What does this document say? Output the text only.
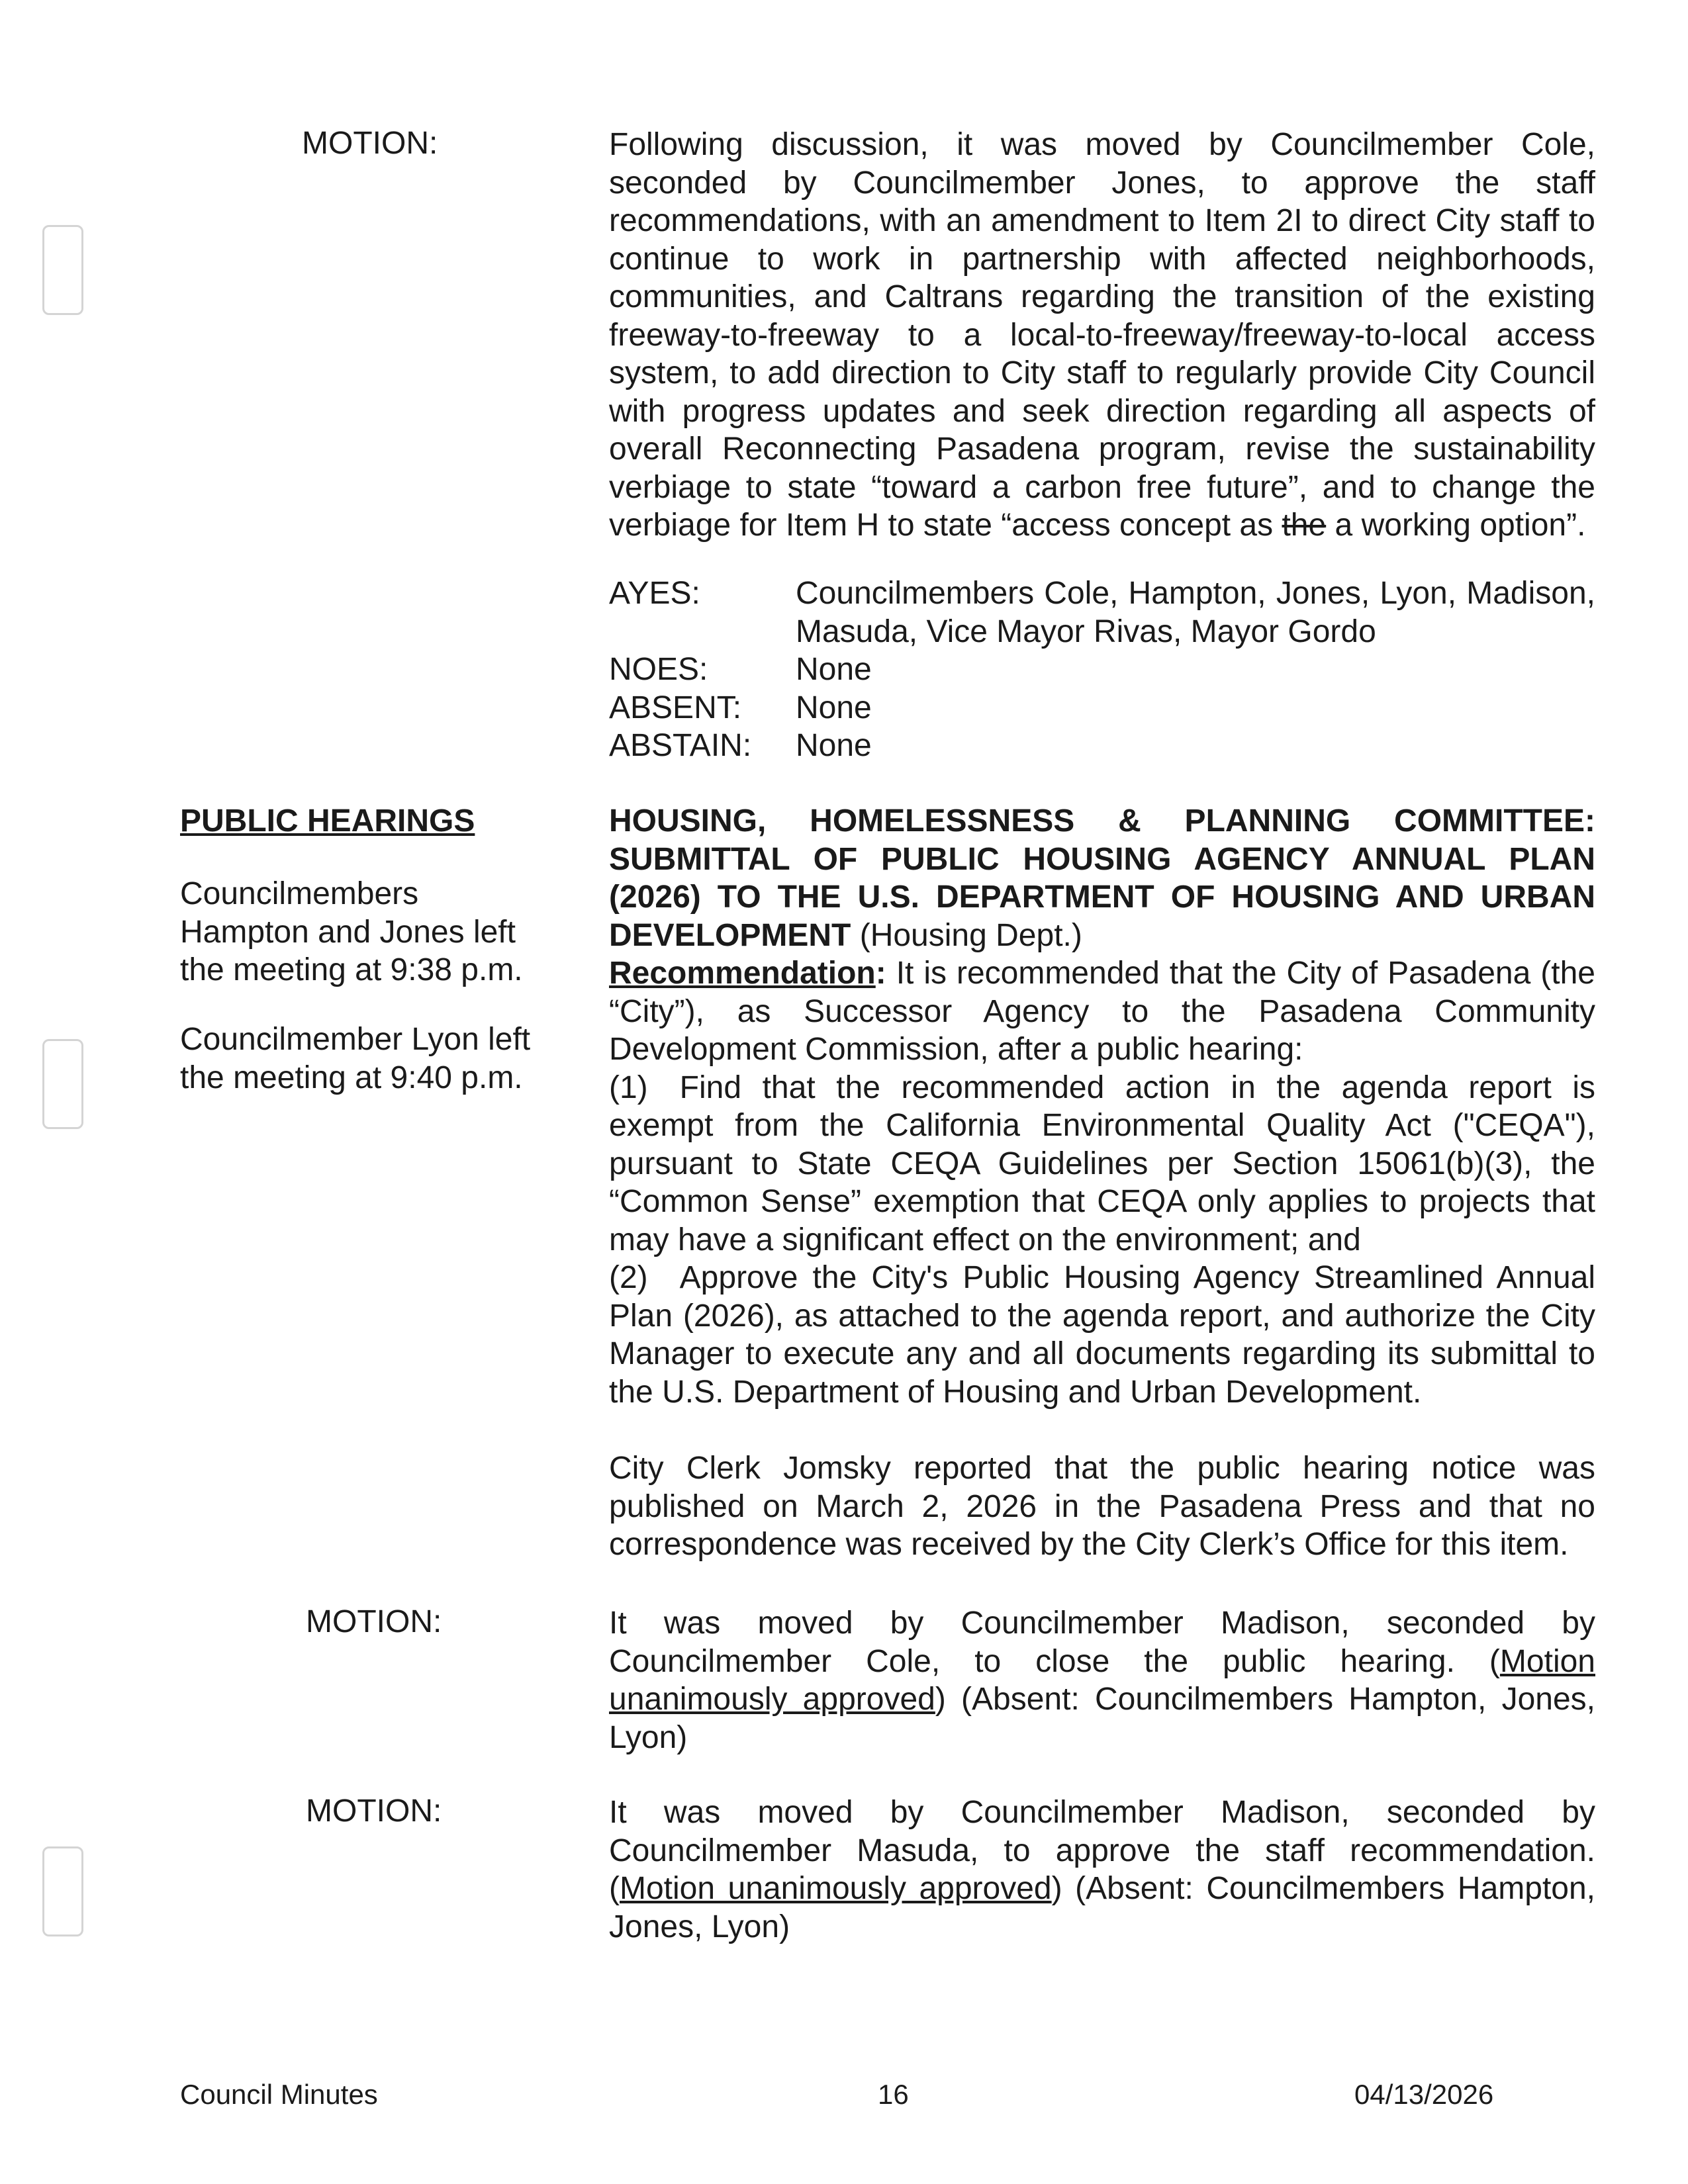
MOTION:	Following discussion, it was moved by Councilmember Cole, seconded by Councilmember Jones, to approve the staff recommendations, with an amendment to Item 2I to direct City staff to continue to work in partnership with affected neighborhoods, communities, and Caltrans regarding the transition of the existing freeway-to-freeway to a local-to-freeway/freeway-to-local access system, to add direction to City staff to regularly provide City Council with progress updates and seek direction regarding all aspects of overall Reconnecting Pasadena program, revise the sustainability verbiage to state “toward a carbon free future”, and to change the verbiage for Item H to state “access concept as the a working option”.
AYES:	Councilmembers Cole, Hampton, Jones, Lyon, Madison, Masuda, Vice Mayor Rivas, Mayor Gordo
NOES:	None
ABSENT:	None
ABSTAIN:	None
PUBLIC HEARINGS
Councilmembers Hampton and Jones left the meeting at 9:38 p.m.
Councilmember Lyon left the meeting at 9:40 p.m.
HOUSING, HOMELESSNESS & PLANNING COMMITTEE: SUBMITTAL OF PUBLIC HOUSING AGENCY ANNUAL PLAN (2026) TO THE U.S. DEPARTMENT OF HOUSING AND URBAN DEVELOPMENT (Housing Dept.)
Recommendation: It is recommended that the City of Pasadena (the “City”), as Successor Agency to the Pasadena Community Development Commission, after a public hearing:
(1) Find that the recommended action in the agenda report is exempt from the California Environmental Quality Act ("CEQA"), pursuant to State CEQA Guidelines per Section 15061(b)(3), the “Common Sense” exemption that CEQA only applies to projects that may have a significant effect on the environment; and
(2) Approve the City's Public Housing Agency Streamlined Annual Plan (2026), as attached to the agenda report, and authorize the City Manager to execute any and all documents regarding its submittal to the U.S. Department of Housing and Urban Development.
City Clerk Jomsky reported that the public hearing notice was published on March 2, 2026 in the Pasadena Press and that no correspondence was received by the City Clerk’s Office for this item.
MOTION:	It was moved by Councilmember Madison, seconded by Councilmember Cole, to close the public hearing. (Motion unanimously approved) (Absent: Councilmembers Hampton, Jones, Lyon)
MOTION:	It was moved by Councilmember Madison, seconded by Councilmember Masuda, to approve the staff recommendation. (Motion unanimously approved) (Absent: Councilmembers Hampton, Jones, Lyon)
Council Minutes	16	04/13/2026
